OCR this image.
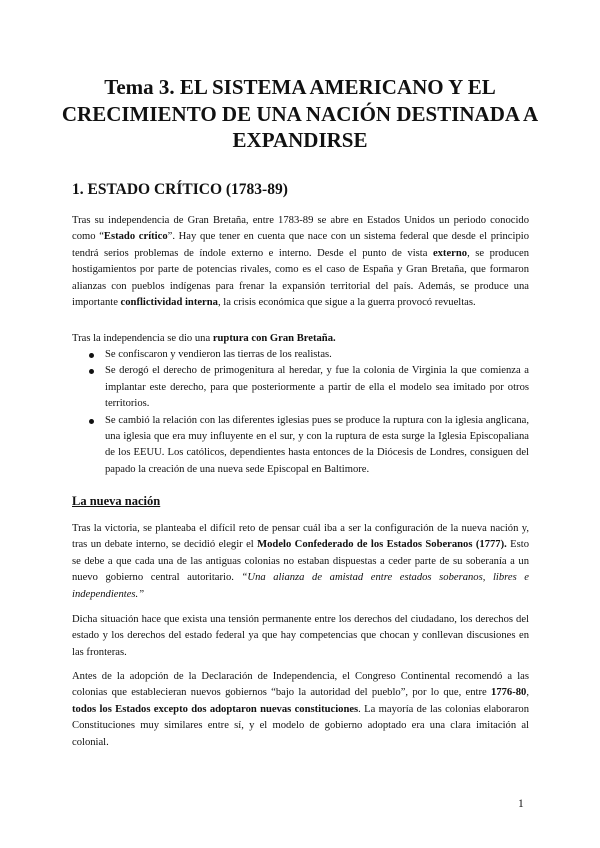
Tema 3. EL SISTEMA AMERICANO Y EL CRECIMIENTO DE UNA NACIÓN DESTINADA A EXPANDIRSE
1. ESTADO CRÍTICO (1783-89)

Tras su independencia de Gran Bretaña, entre 1783-89 se abre en Estados Unidos un periodo conocido como “Estado crítico”. Hay que tener en cuenta que nace con un sistema federal que desde el principio tendrá serios problemas de índole externo e interno. Desde el punto de vista externo, se producen hostigamientos por parte de potencias rivales, como es el caso de España y Gran Bretaña, que formaron alianzas con pueblos indígenas para frenar la expansión territorial del país. Además, se produce una importante conflictividad interna, la crisis económica que sigue a la guerra provocó revueltas.

Tras la independencia se dio una ruptura con Gran Bretaña.

Se confiscaron y vendieron las tierras de los realistas.
Se derogó el derecho de primogenitura al heredar, y fue la colonia de Virginia la que comienza a implantar este derecho, para que posteriormente a partir de ella el modelo sea imitado por otros territorios.
Se cambió la relación con las diferentes iglesias pues se produce la ruptura con la iglesia anglicana, una iglesia que era muy influyente en el sur, y con la ruptura de esta surge la Iglesia Episcopaliana de los EEUU. Los católicos, dependientes hasta entonces de la Diócesis de Londres, consiguen del papado la creación de una nueva sede Episcopal en Baltimore.
La nueva nación

Tras la victoria, se planteaba el difícil reto de pensar cuál iba a ser la configuración de la nueva nación y, tras un debate interno, se decidió elegir el Modelo Confederado de los Estados Soberanos (1777). Esto se debe a que cada una de las antiguas colonias no estaban dispuestas a ceder parte de su soberanía a un nuevo gobierno central autoritario. “Una alianza de amistad entre estados soberanos, libres e independientes.”

Dicha situación hace que exista una tensión permanente entre los derechos del ciudadano, los derechos del estado y los derechos del estado federal ya que hay competencias que chocan y conllevan discusiones en las fronteras.

Antes de la adopción de la Declaración de Independencia, el Congreso Continental recomendó a las colonias que establecieran nuevos gobiernos “bajo la autoridad del pueblo”, por lo que, entre 1776-80, todos los Estados excepto dos adoptaron nuevas constituciones. La mayoría de las colonias elaboraron Constituciones muy similares entre sí, y el modelo de gobierno adoptado era una clara imitación al colonial.

1
